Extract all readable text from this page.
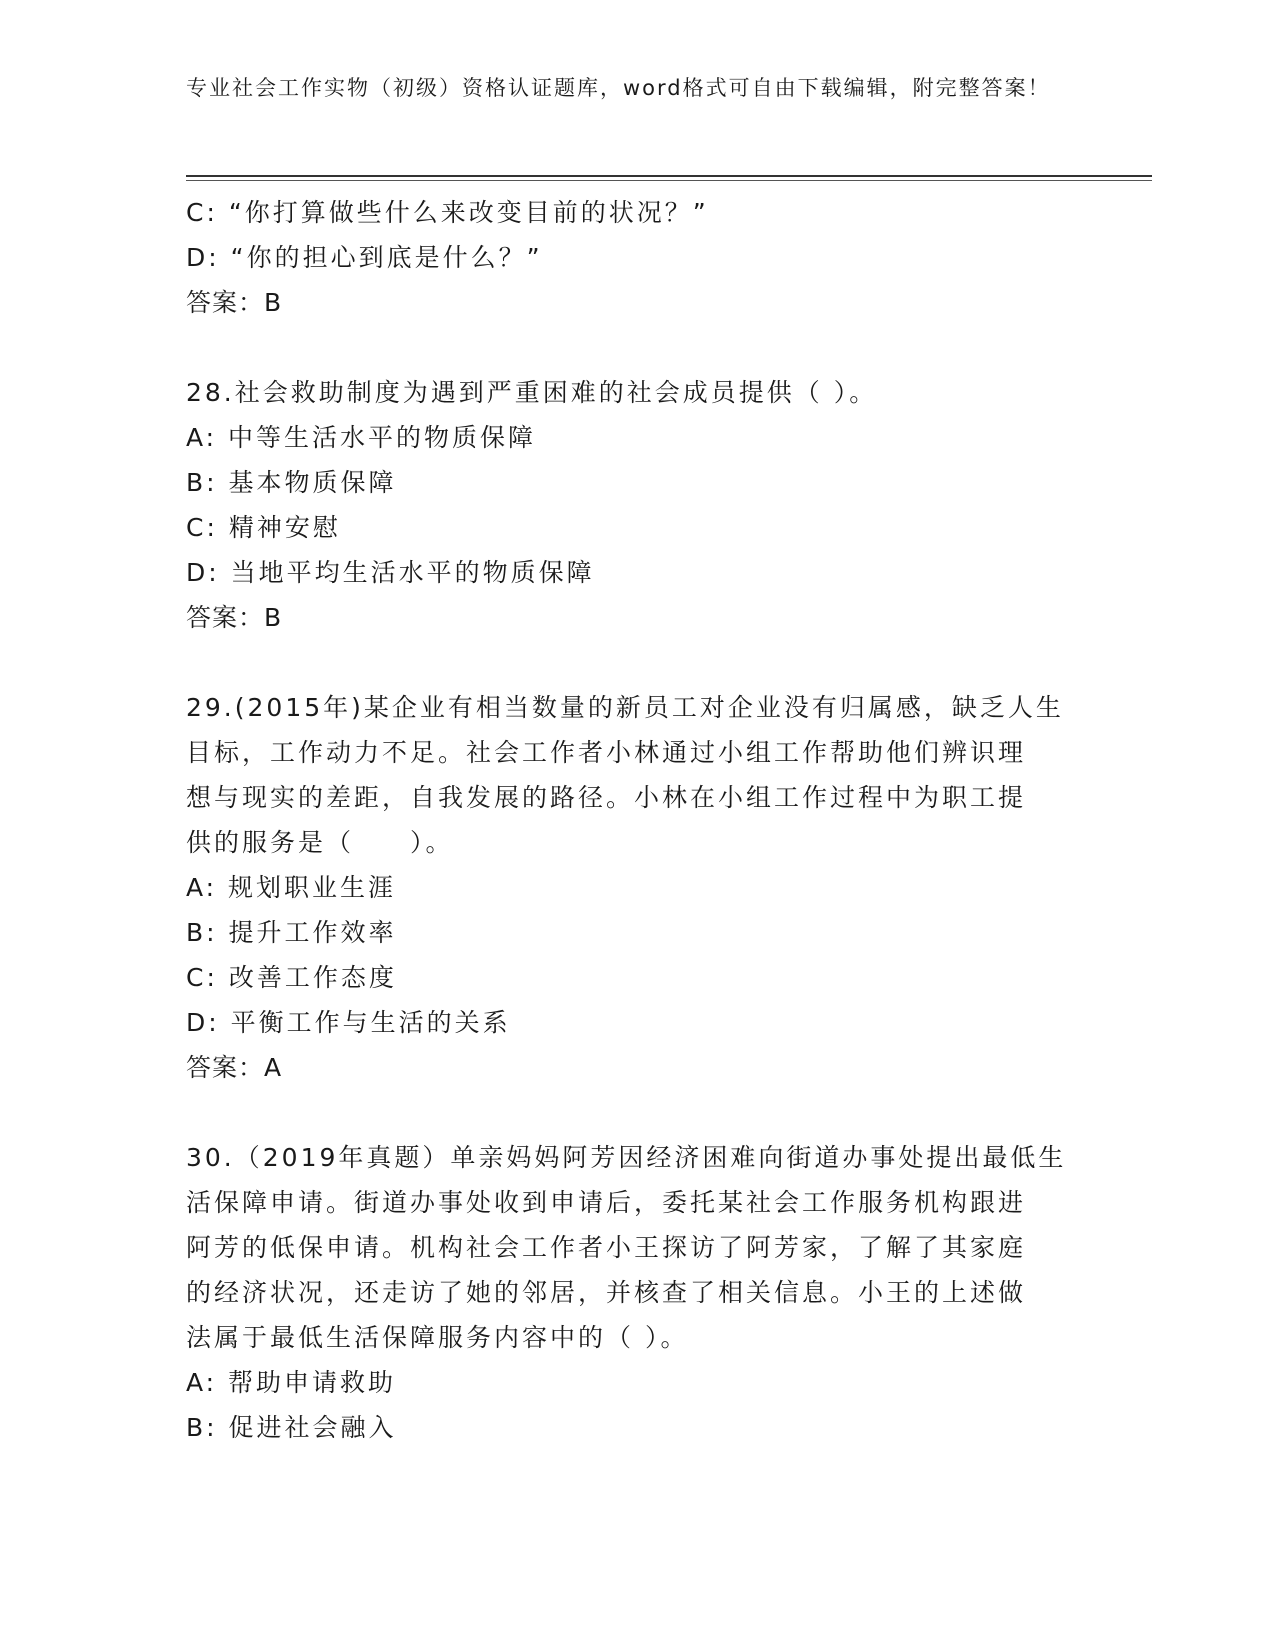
专业社会工作实物（初级）资格认证题库，word格式可自由下载编辑，附完整答案！
C: “你打算做些什么来改变目前的状况？”
D: “你的担心到底是什么？”
答案：B
28.社会救助制度为遇到严重困难的社会成员提供（ ）。
A: 中等生活水平的物质保障
B: 基本物质保障
C: 精神安慰
D: 当地平均生活水平的物质保障
答案：B
29.(2015年)某企业有相当数量的新员工对企业没有归属感，缺乏人生
目标，工作动力不足。社会工作者小林通过小组工作帮助他们辨识理
想与现实的差距，自我发展的路径。小林在小组工作过程中为职工提
供的服务是（　　）。
A: 规划职业生涯
B: 提升工作效率
C: 改善工作态度
D: 平衡工作与生活的关系
答案：A
30.（2019年真题）单亲妈妈阿芳因经济困难向街道办事处提出最低生
活保障申请。街道办事处收到申请后，委托某社会工作服务机构跟进
阿芳的低保申请。机构社会工作者小王探访了阿芳家，了解了其家庭
的经济状况，还走访了她的邻居，并核查了相关信息。小王的上述做
法属于最低生活保障服务内容中的（ ）。
A: 帮助申请救助
B: 促进社会融入
